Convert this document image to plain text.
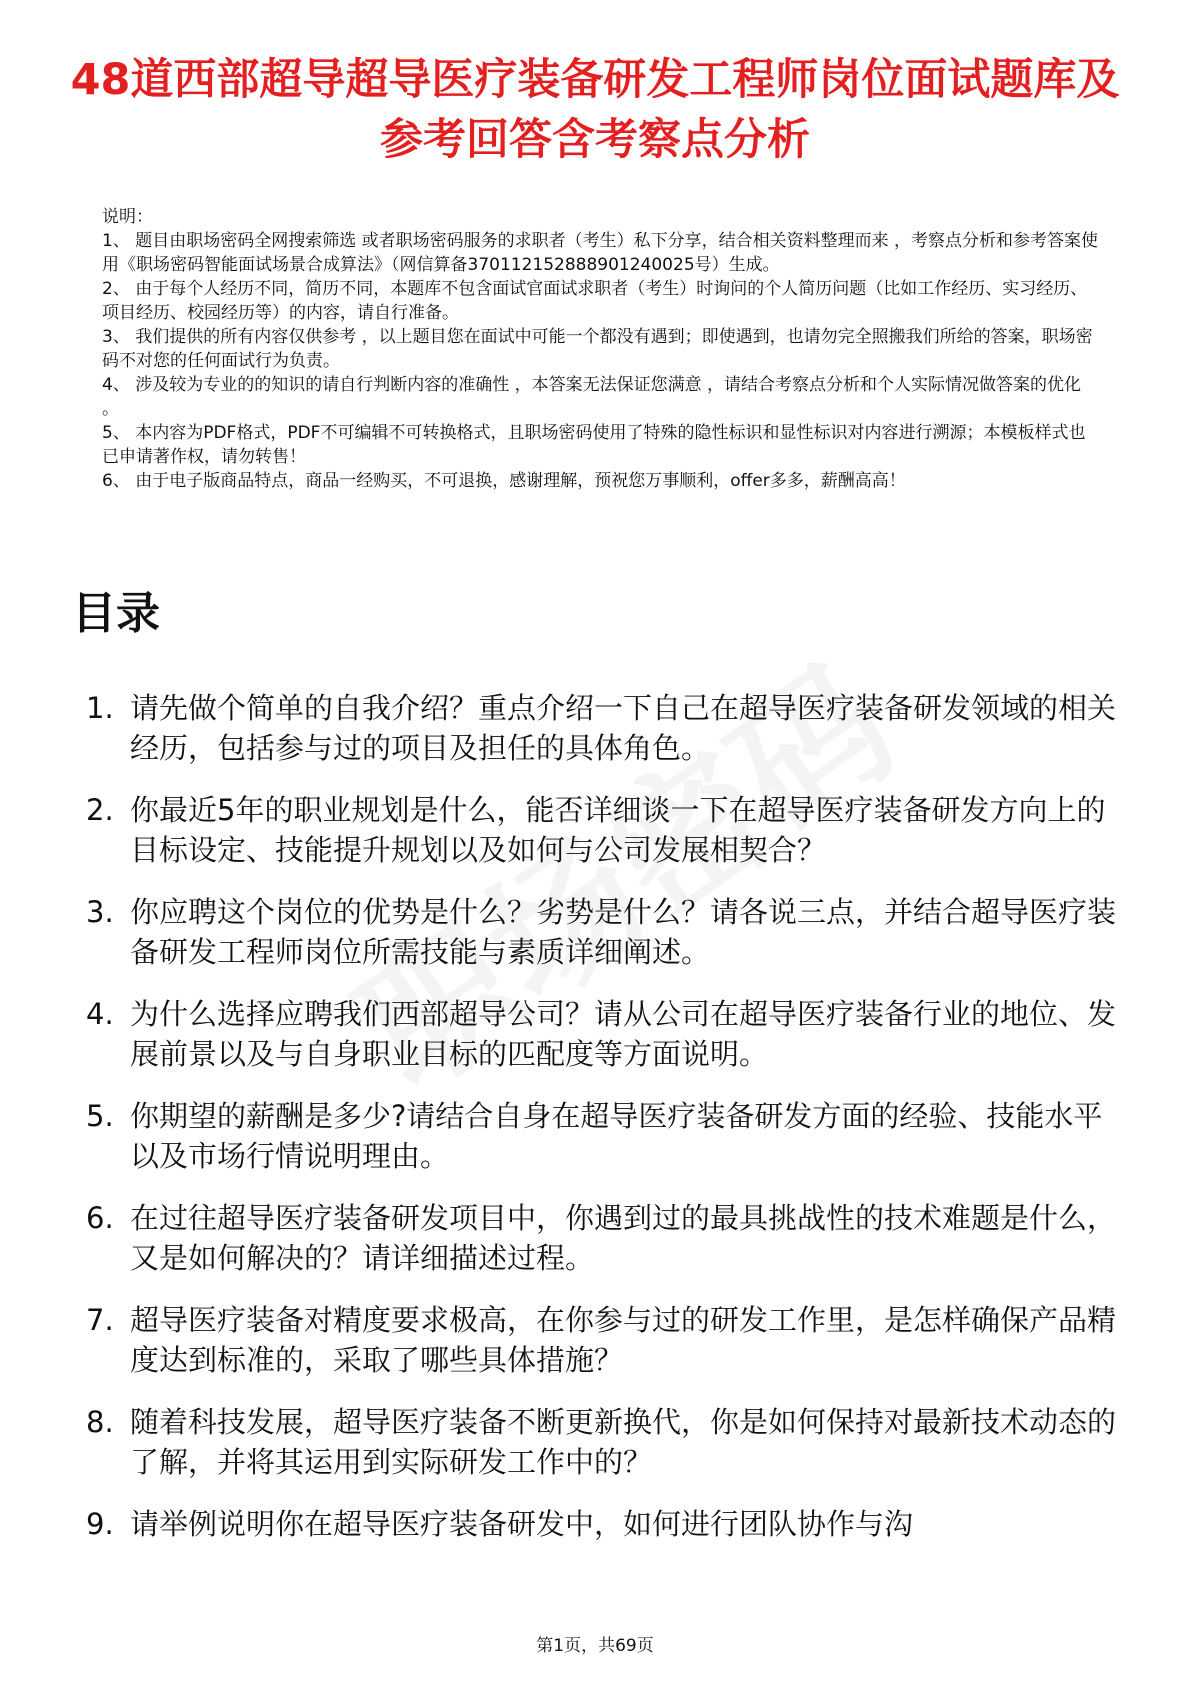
48道西部超导超导医疗装备研发工程师岗位面试题库及参考回答含考察点分析

说明：

1、 题目由职场密码全网搜索筛选 或者职场密码服务的求职者（考生）私下分享，结合相关资料整理而来 ，考察点分析和参考答案使用《职场密码智能面试场景合成算法》（网信算备370112152888901240025号）生成。

2、 由于每个人经历不同，简历不同，本题库不包含面试官面试求职者（考生）时询问的个人简历问题（比如工作经历、实习经历、项目经历、校园经历等）的内容，请自行准备。

3、 我们提供的所有内容仅供参考 ，以上题目您在面试中可能一个都没有遇到；即使遇到，也请勿完全照搬我们所给的答案，职场密码不对您的任何面试行为负责。

4、 涉及较为专业的的知识的请自行判断内容的准确性 ，本答案无法保证您满意 ，请结合考察点分析和个人实际情况做答案的优化 。

5、 本内容为PDF格式，PDF不可编辑不可转换格式，且职场密码使用了特殊的隐性标识和显性标识对内容进行溯源；本模板样式也已申请著作权，请勿转售！

6、 由于电子版商品特点，商品一经购买，不可退换，感谢理解，预祝您万事顺利，offer多多，薪酬高高！

目录
1. 请先做个简单的自我介绍？重点介绍一下自己在超导医疗装备研发领域的相关经历，包括参与过的项目及担任的具体角色。
2. 你最近5年的职业规划是什么，能否详细谈一下在超导医疗装备研发方向上的目标设定、技能提升规划以及如何与公司发展相契合？
3. 你应聘这个岗位的优势是什么？劣势是什么？请各说三点，并结合超导医疗装备研发工程师岗位所需技能与素质详细阐述。
4. 为什么选择应聘我们西部超导公司？请从公司在超导医疗装备行业的地位、发展前景以及与自身职业目标的匹配度等方面说明。
5. 你期望的薪酬是多少?请结合自身在超导医疗装备研发方面的经验、技能水平以及市场行情说明理由。
6. 在过往超导医疗装备研发项目中，你遇到过的最具挑战性的技术难题是什么，又是如何解决的？请详细描述过程。
7. 超导医疗装备对精度要求极高，在你参与过的研发工作里，是怎样确保产品精度达到标准的，采取了哪些具体措施？
8. 随着科技发展，超导医疗装备不断更新换代，你是如何保持对最新技术动态的了解，并将其运用到实际研发工作中的？
9. 请举例说明你在超导医疗装备研发中，如何进行团队协作与沟
第1页，共69页
